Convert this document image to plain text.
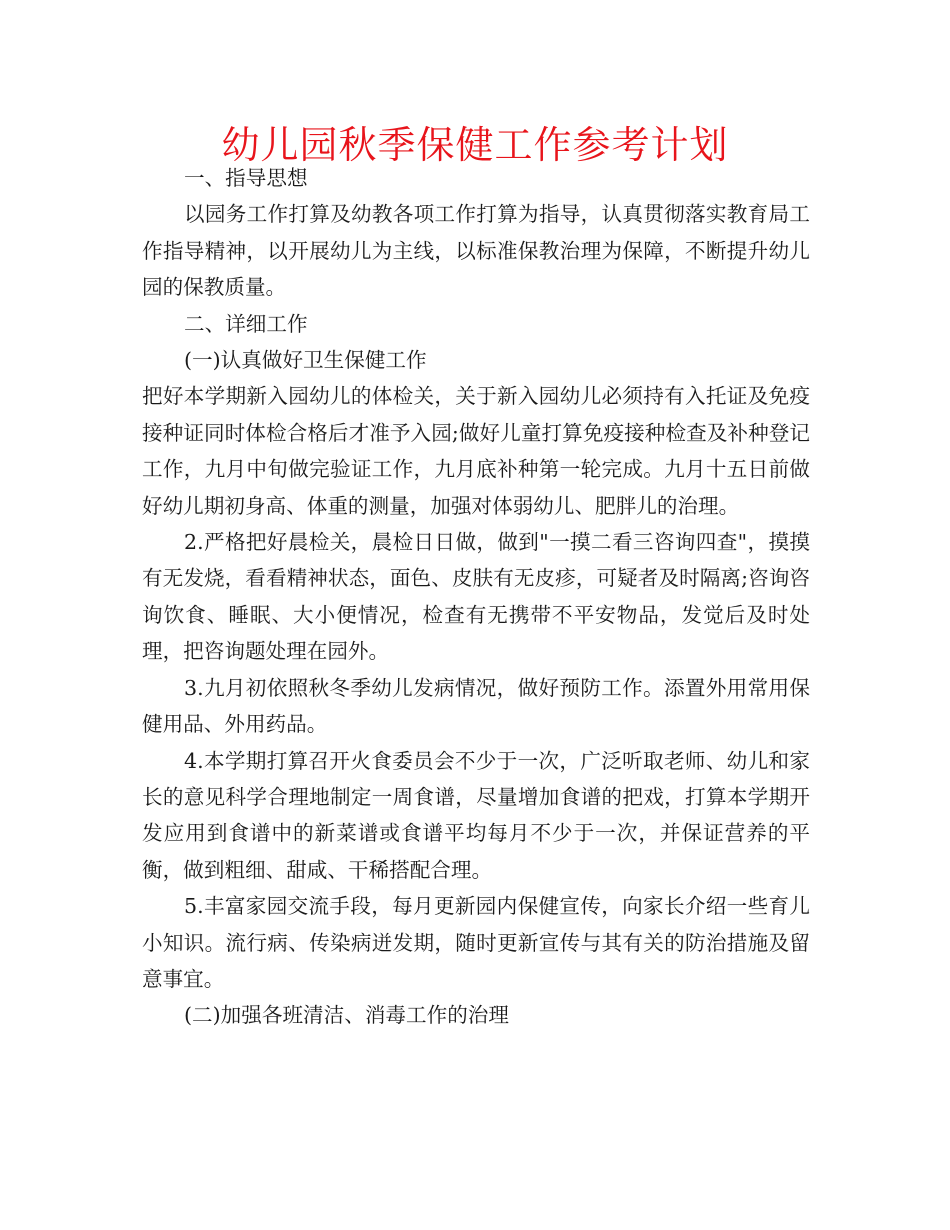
幼儿园秋季保健工作参考计划

一、指导思想

以园务工作打算及幼教各项工作打算为指导，认真贯彻落实教育局工作指导精神，以开展幼儿为主线，以标准保教治理为保障，不断提升幼儿园的保教质量。

二、详细工作

(一)认真做好卫生保健工作

把好本学期新入园幼儿的体检关，关于新入园幼儿必须持有入托证及免疫接种证同时体检合格后才准予入园;做好儿童打算免疫接种检查及补种登记工作，九月中旬做完验证工作，九月底补种第一轮完成。九月十五日前做好幼儿期初身高、体重的测量，加强对体弱幼儿、肥胖儿的治理。

2.严格把好晨检关，晨检日日做，做到"一摸二看三咨询四查"，摸摸有无发烧，看看精神状态，面色、皮肤有无皮疹，可疑者及时隔离;咨询咨询饮食、睡眠、大小便情况，检查有无携带不平安物品，发觉后及时处理，把咨询题处理在园外。

3.九月初依照秋冬季幼儿发病情况，做好预防工作。添置外用常用保健用品、外用药品。

4.本学期打算召开火食委员会不少于一次，广泛听取老师、幼儿和家长的意见科学合理地制定一周食谱，尽量增加食谱的把戏，打算本学期开发应用到食谱中的新菜谱或食谱平均每月不少于一次，并保证营养的平衡，做到粗细、甜咸、干稀搭配合理。

5.丰富家园交流手段，每月更新园内保健宣传，向家长介绍一些育儿小知识。流行病、传染病迸发期，随时更新宣传与其有关的防治措施及留意事宜。

(二)加强各班清洁、消毒工作的治理
